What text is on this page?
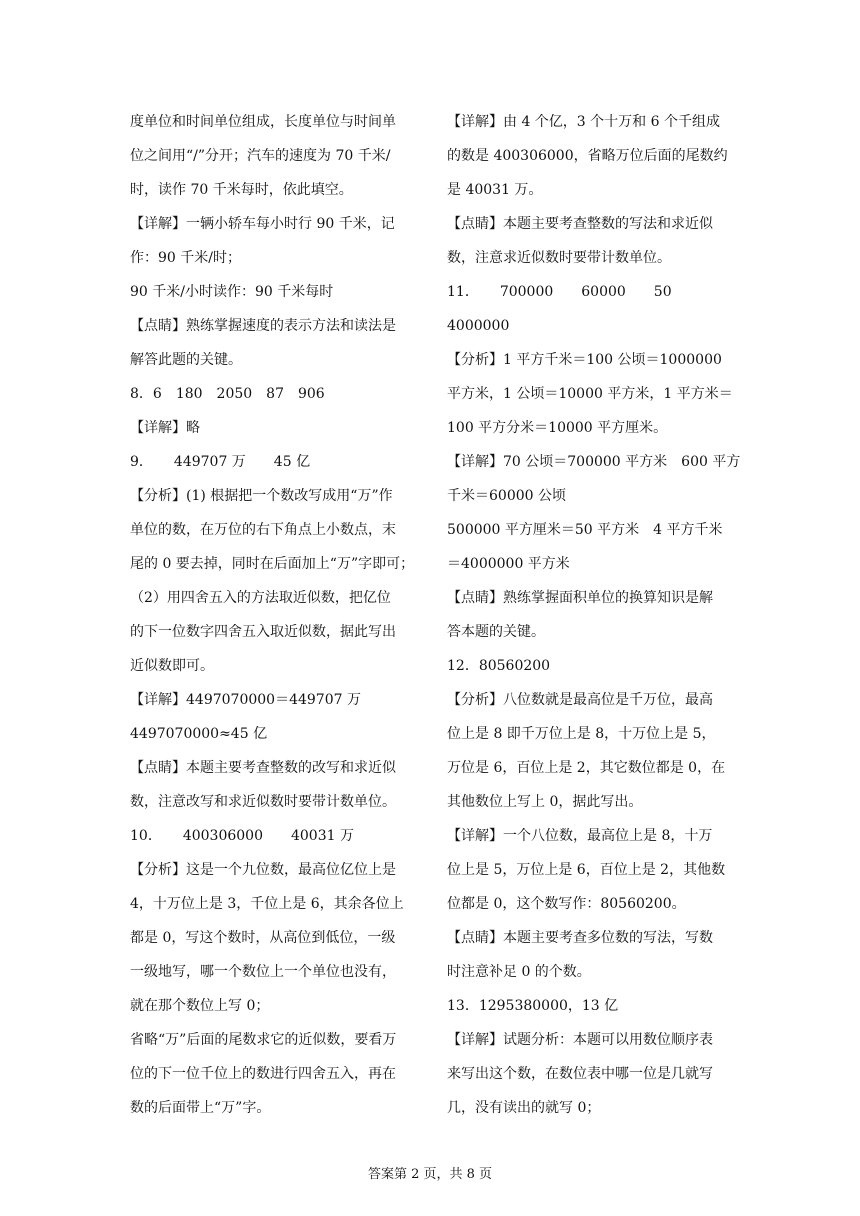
度单位和时间单位组成，长度单位与时间单
位之间用“/”分开；汽车的速度为 70 千米/
时，读作 70 千米每时，依此填空。
【详解】一辆小轿车每小时行 90 千米，记
作：90 千米/时；
90 千米/小时读作：90 千米每时
【点睛】熟练掌握速度的表示方法和读法是
解答此题的关键。
8．6　180　2050　87　906
【详解】略
9．　　449707 万　　45 亿
【分析】(1) 根据把一个数改写成用“万”作
单位的数，在万位的右下角点上小数点，末
尾的 0 要去掉，同时在后面加上“万”字即可；
（2）用四舍五入的方法取近似数，把亿位
的下一位数字四舍五入取近似数，据此写出
近似数即可。
【详解】4497070000＝449707 万
4497070000≈45 亿
【点睛】本题主要考查整数的改写和求近似
数，注意改写和求近似数时要带计数单位。
10．　　400306000　　40031 万
【分析】这是一个九位数，最高位亿位上是
4，十万位上是 3，千位上是 6，其余各位上
都是 0，写这个数时，从高位到低位，一级
一级地写，哪一个数位上一个单位也没有，
就在那个数位上写 0；
省略“万”后面的尾数求它的近似数，要看万
位的下一位千位上的数进行四舍五入，再在
数的后面带上“万”字。
【详解】由 4 个亿，3 个十万和 6 个千组成
的数是 400306000，省略万位后面的尾数约
是 40031 万。
【点睛】本题主要考查整数的写法和求近似
数，注意求近似数时要带计数单位。
11．　　700000　　60000　　50
4000000
【分析】1 平方千米＝100 公顷＝1000000
平方米，1 公顷＝10000 平方米，1 平方米＝
100 平方分米＝10000 平方厘米。
【详解】70 公顷＝700000 平方米　600 平方
千米＝60000 公顷
500000 平方厘米＝50 平方米　4 平方千米
＝4000000 平方米
【点睛】熟练掌握面积单位的换算知识是解
答本题的关键。
12．80560200
【分析】八位数就是最高位是千万位，最高
位上是 8 即千万位上是 8，十万位上是 5，
万位是 6，百位上是 2，其它数位都是 0，在
其他数位上写上 0，据此写出。
【详解】一个八位数，最高位上是 8，十万
位上是 5，万位上是 6，百位上是 2，其他数
位都是 0，这个数写作：80560200。
【点睛】本题主要考查多位数的写法，写数
时注意补足 0 的个数。
13．1295380000，13 亿
【详解】试题分析：本题可以用数位顺序表
来写出这个数，在数位表中哪一位是几就写
几，没有读出的就写 0；
答案第 2 页，共 8 页
